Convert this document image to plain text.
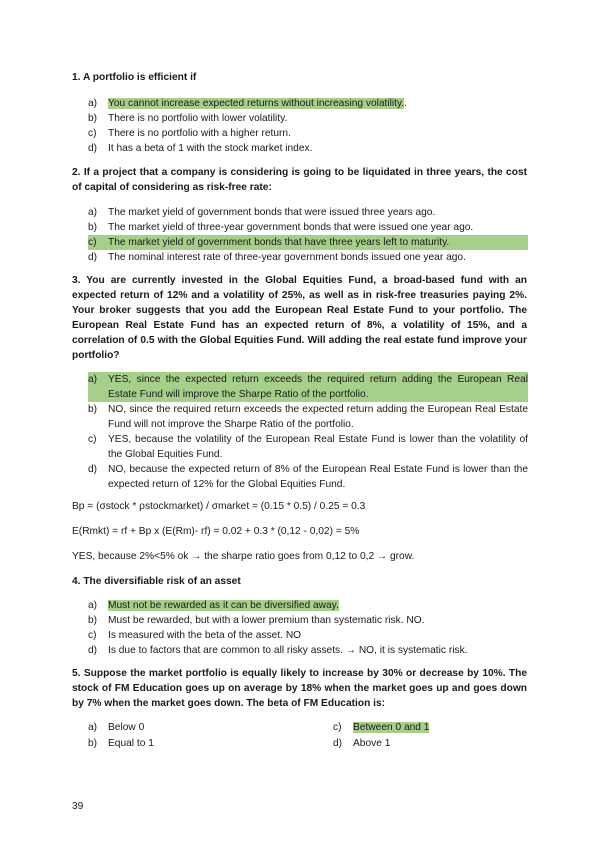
1. A portfolio is efficient if
a) You cannot increase expected returns without increasing volatility..
b) There is no portfolio with lower volatility.
c) There is no portfolio with a higher return.
d) It has a beta of 1 with the stock market index.
2. If a project that a company is considering is going to be liquidated in three years, the cost of capital of considering as risk-free rate:
a) The market yield of government bonds that were issued three years ago.
b) The market yield of three-year government bonds that were issued one year ago.
c) The market yield of government bonds that have three years left to maturity.
d) The nominal interest rate of three-year government bonds issued one year ago.
3. You are currently invested in the Global Equities Fund, a broad-based fund with an expected return of 12% and a volatility of 25%, as well as in risk-free treasuries paying 2%. Your broker suggests that you add the European Real Estate Fund to your portfolio. The European Real Estate Fund has an expected return of 8%, a volatility of 15%, and a correlation of 0.5 with the Global Equities Fund. Will adding the real estate fund improve your portfolio?
a) YES, since the expected return exceeds the required return adding the European Real Estate Fund will improve the Sharpe Ratio of the portfolio.
b) NO, since the required return exceeds the expected return adding the European Real Estate Fund will not improve the Sharpe Ratio of the portfolio.
c) YES, because the volatility of the European Real Estate Fund is lower than the volatility of the Global Equities Fund.
d) NO, because the expected return of 8% of the European Real Estate Fund is lower than the expected return of 12% for the Global Equities Fund.
Bp = (σstock * ρstockmarket) / σmarket = (0.15 * 0.5) / 0.25 = 0.3
E(Rmkt) = rf + Bp x (E(Rm)- rf) = 0.02 + 0.3 * (0,12 - 0,02) = 5%
YES, because 2%<5% ok → the sharpe ratio goes from 0,12 to 0,2 → grow.
4. The diversifiable risk of an asset
a) Must not be rewarded as it can be diversified away.
b) Must be rewarded, but with a lower premium than systematic risk. NO.
c) Is measured with the beta of the asset. NO
d) Is due to factors that are common to all risky assets. → NO, it is systematic risk.
5. Suppose the market portfolio is equally likely to increase by 30% or decrease by 10%. The stock of FM Education goes up on average by 18% when the market goes up and goes down by 7% when the market goes down. The beta of FM Education is:
a) Below 0
b) Equal to 1
c) Between 0 and 1
d) Above 1
39
